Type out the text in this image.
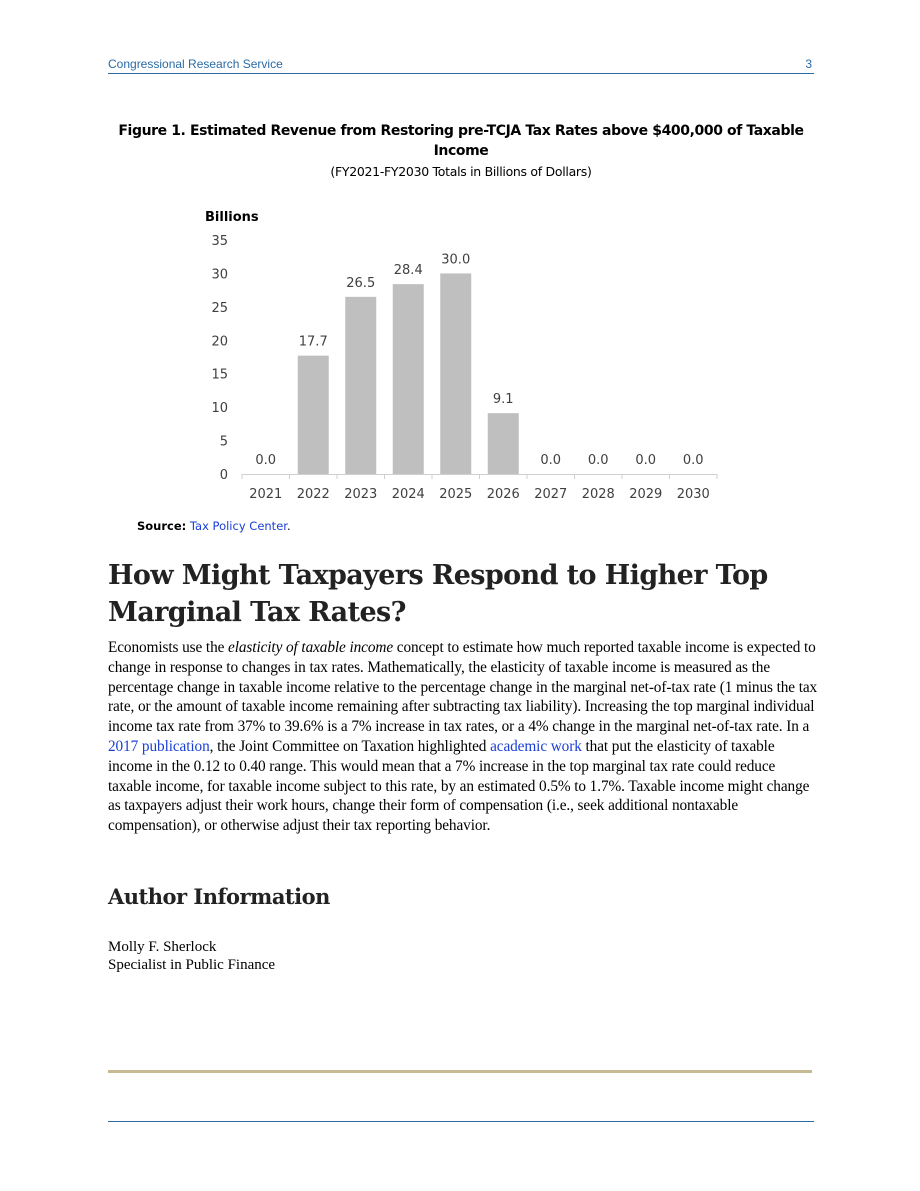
Congressional Research Service	3
Figure 1. Estimated Revenue from Restoring pre-TCJA Tax Rates above $400,000 of Taxable Income
(FY2021-FY2030 Totals in Billions of Dollars)
Billions
0
5
10
15
20
25
30
35
0.0
2021
17.7
2022
26.5
2023
28.4
2024
30.0
2025
9.1
2026
0.0
2027
0.0
2028
0.0
2029
0.0
2030
Source: Tax Policy Center.
How Might Taxpayers Respond to Higher Top Marginal Tax Rates?

Economists use the elasticity of taxable income concept to estimate how much reported taxable income is expected to change in response to changes in tax rates. Mathematically, the elasticity of taxable income is measured as the percentage change in taxable income relative to the percentage change in the marginal net-of-tax rate (1 minus the tax rate, or the amount of taxable income remaining after subtracting tax liability). Increasing the top marginal individual income tax rate from 37% to 39.6% is a 7% increase in tax rates, or a 4% change in the marginal net-of-tax rate. In a 2017 publication, the Joint Committee on Taxation highlighted academic work that put the elasticity of taxable income in the 0.12 to 0.40 range. This would mean that a 7% increase in the top marginal tax rate could reduce taxable income, for taxable income subject to this rate, by an estimated 0.5% to 1.7%. Taxable income might change as taxpayers adjust their work hours, change their form of compensation (i.e., seek additional nontaxable compensation), or otherwise adjust their tax reporting behavior.

Author Information
Molly F. Sherlock
Specialist in Public Finance
